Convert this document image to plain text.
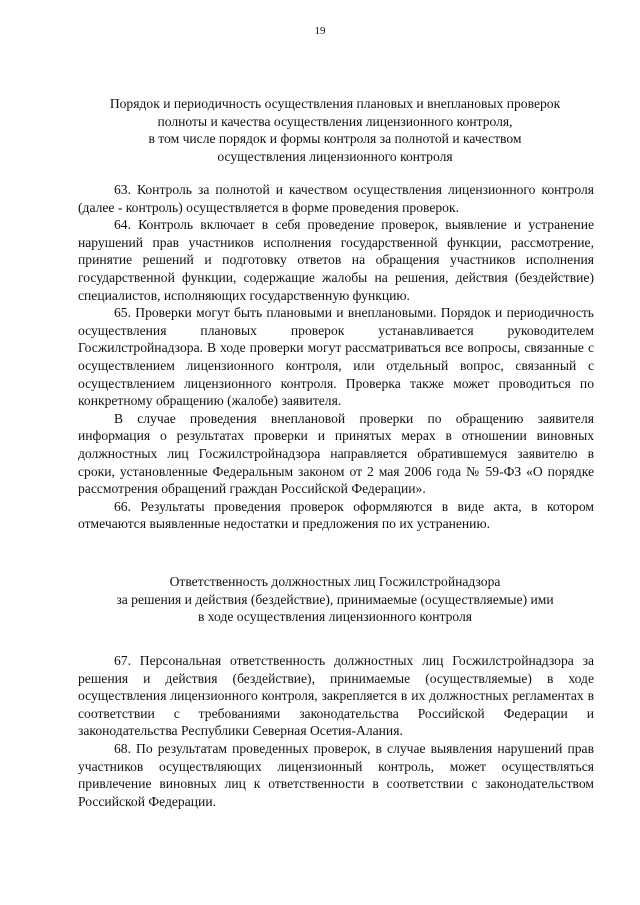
19
Порядок и периодичность осуществления плановых и внеплановых проверок
полноты и качества осуществления лицензионного контроля,
в том числе порядок и формы контроля за полнотой и качеством
осуществления лицензионного контроля

63. Контроль за полнотой и качеством осуществления лицензионного контроля (далее - контроль) осуществляется в форме проведения проверок.

64. Контроль включает в себя проведение проверок, выявление и устранение нарушений прав участников исполнения государственной функции, рассмотрение, принятие решений и подготовку ответов на обращения участников исполнения государственной функции, содержащие жалобы на решения, действия (бездействие) специалистов, исполняющих государственную функцию.

65. Проверки могут быть плановыми и внеплановыми. Порядок и периодичность осуществления плановых проверок устанавливается руководителем Госжилстройнадзора. В ходе проверки могут рассматриваться все вопросы, связанные с осуществлением лицензионного контроля, или отдельный вопрос, связанный с осуществлением лицензионного контроля. Проверка также может проводиться по конкретному обращению (жалобе) заявителя.

В случае проведения внеплановой проверки по обращению заявителя информация о результатах проверки и принятых мерах в отношении виновных должностных лиц Госжилстройнадзора направляется обратившемуся заявителю в сроки, установленные Федеральным законом от 2 мая 2006 года № 59-ФЗ «О порядке рассмотрения обращений граждан Российской Федерации».

66. Результаты проведения проверок оформляются в виде акта, в котором отмечаются выявленные недостатки и предложения по их устранению.

Ответственность должностных лиц Госжилстройнадзора
за решения и действия (бездействие), принимаемые (осуществляемые) ими
в ходе осуществления лицензионного контроля

67. Персональная ответственность должностных лиц Госжилстройнадзора за решения и действия (бездействие), принимаемые (осуществляемые) в ходе осуществления лицензионного контроля, закрепляется в их должностных регламентах в соответствии с требованиями законодательства Российской Федерации и законодательства Республики Северная Осетия-Алания.

68. По результатам проведенных проверок, в случае выявления нарушений прав участников осуществляющих лицензионный контроль, может осуществляться привлечение виновных лиц к ответственности в соответствии с законодательством Российской Федерации.
